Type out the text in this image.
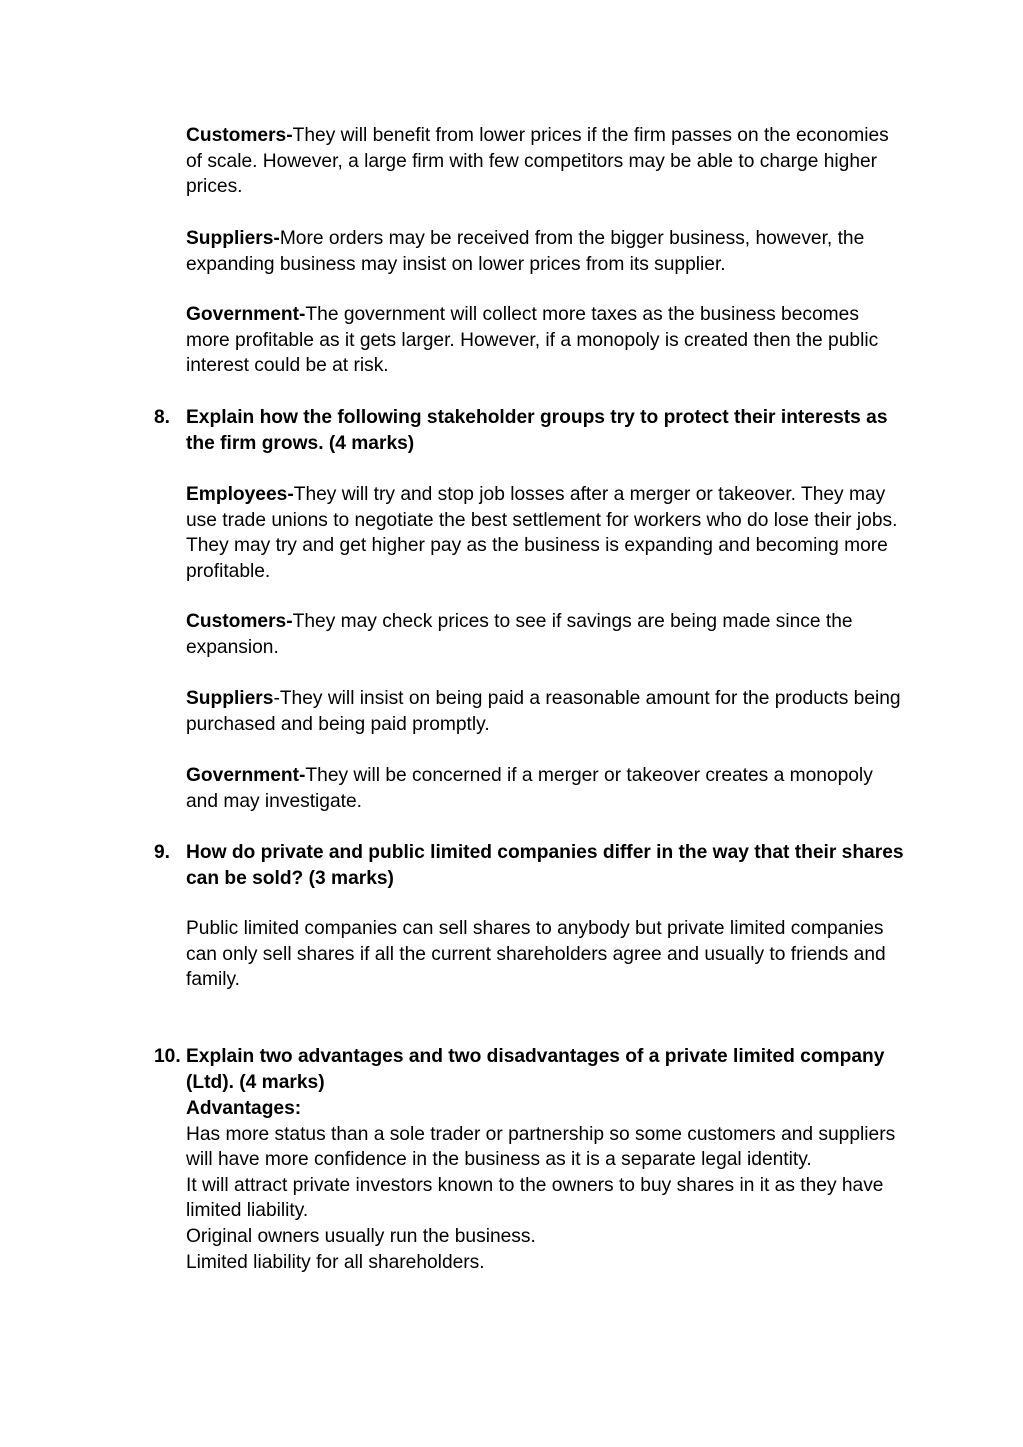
Customers-They will benefit from lower prices if the firm passes on the economies of scale. However, a large firm with few competitors may be able to charge higher prices.

Suppliers-More orders may be received from the bigger business, however, the expanding business may insist on lower prices from its supplier.

Government-The government will collect more taxes as the business becomes more profitable as it gets larger. However, if a monopoly is created then the public interest could be at risk.

8. Explain how the following stakeholder groups try to protect their interests as the firm grows. (4 marks)

Employees-They will try and stop job losses after a merger or takeover. They may use trade unions to negotiate the best settlement for workers who do lose their jobs. They may try and get higher pay as the business is expanding and becoming more profitable.

Customers-They may check prices to see if savings are being made since the expansion.

Suppliers-They will insist on being paid a reasonable amount for the products being purchased and being paid promptly.

Government-They will be concerned if a merger or takeover creates a monopoly and may investigate.

9. How do private and public limited companies differ in the way that their shares can be sold? (3 marks)

Public limited companies can sell shares to anybody but private limited companies can only sell shares if all the current shareholders agree and usually to friends and family.

10. Explain two advantages and two disadvantages of a private limited company (Ltd). (4 marks)

Advantages:
Has more status than a sole trader or partnership so some customers and suppliers will have more confidence in the business as it is a separate legal identity.
It will attract private investors known to the owners to buy shares in it as they have limited liability.
Original owners usually run the business.
Limited liability for all shareholders.
